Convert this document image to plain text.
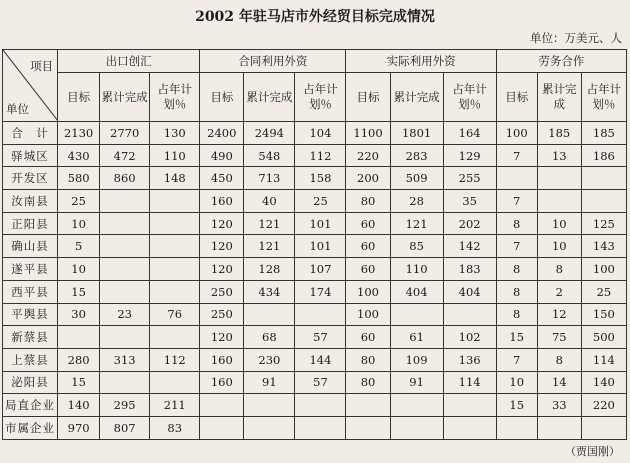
2002 年驻马店市外经贸目标完成情况
单位：万美元、人
项目
单位	出口创汇			合同利用外资			实际利用外资			劳务合作		
	目标	累计完成	占年计划％	目标	累计完成	占年计划％	目标	累计完成	占年计划％	目标	累计完成	占年计划％
合　计	2130	2770	130	2400	2494	104	1100	1801	164	100	185	185
驿城区	430	472	110	490	548	112	220	283	129	7	13	186
开发区	580	860	148	450	713	158	200	509	255			
汝南县	25			160	40	25	80	28	35	7		
正阳县	10			120	121	101	60	121	202	8	10	125
确山县	5			120	121	101	60	85	142	7	10	143
遂平县	10			120	128	107	60	110	183	8	8	100
西平县	15			250	434	174	100	404	404	8	2	25
平舆县	30	23	76	250			100			8	12	150
新蔡县				120	68	57	60	61	102	15	75	500
上蔡县	280	313	112	160	230	144	80	109	136	7	8	114
泌阳县	15			160	91	57	80	91	114	10	14	140
局直企业	140	295	211							15	33	220
市属企业	970	807	83									
（贾国刚）
